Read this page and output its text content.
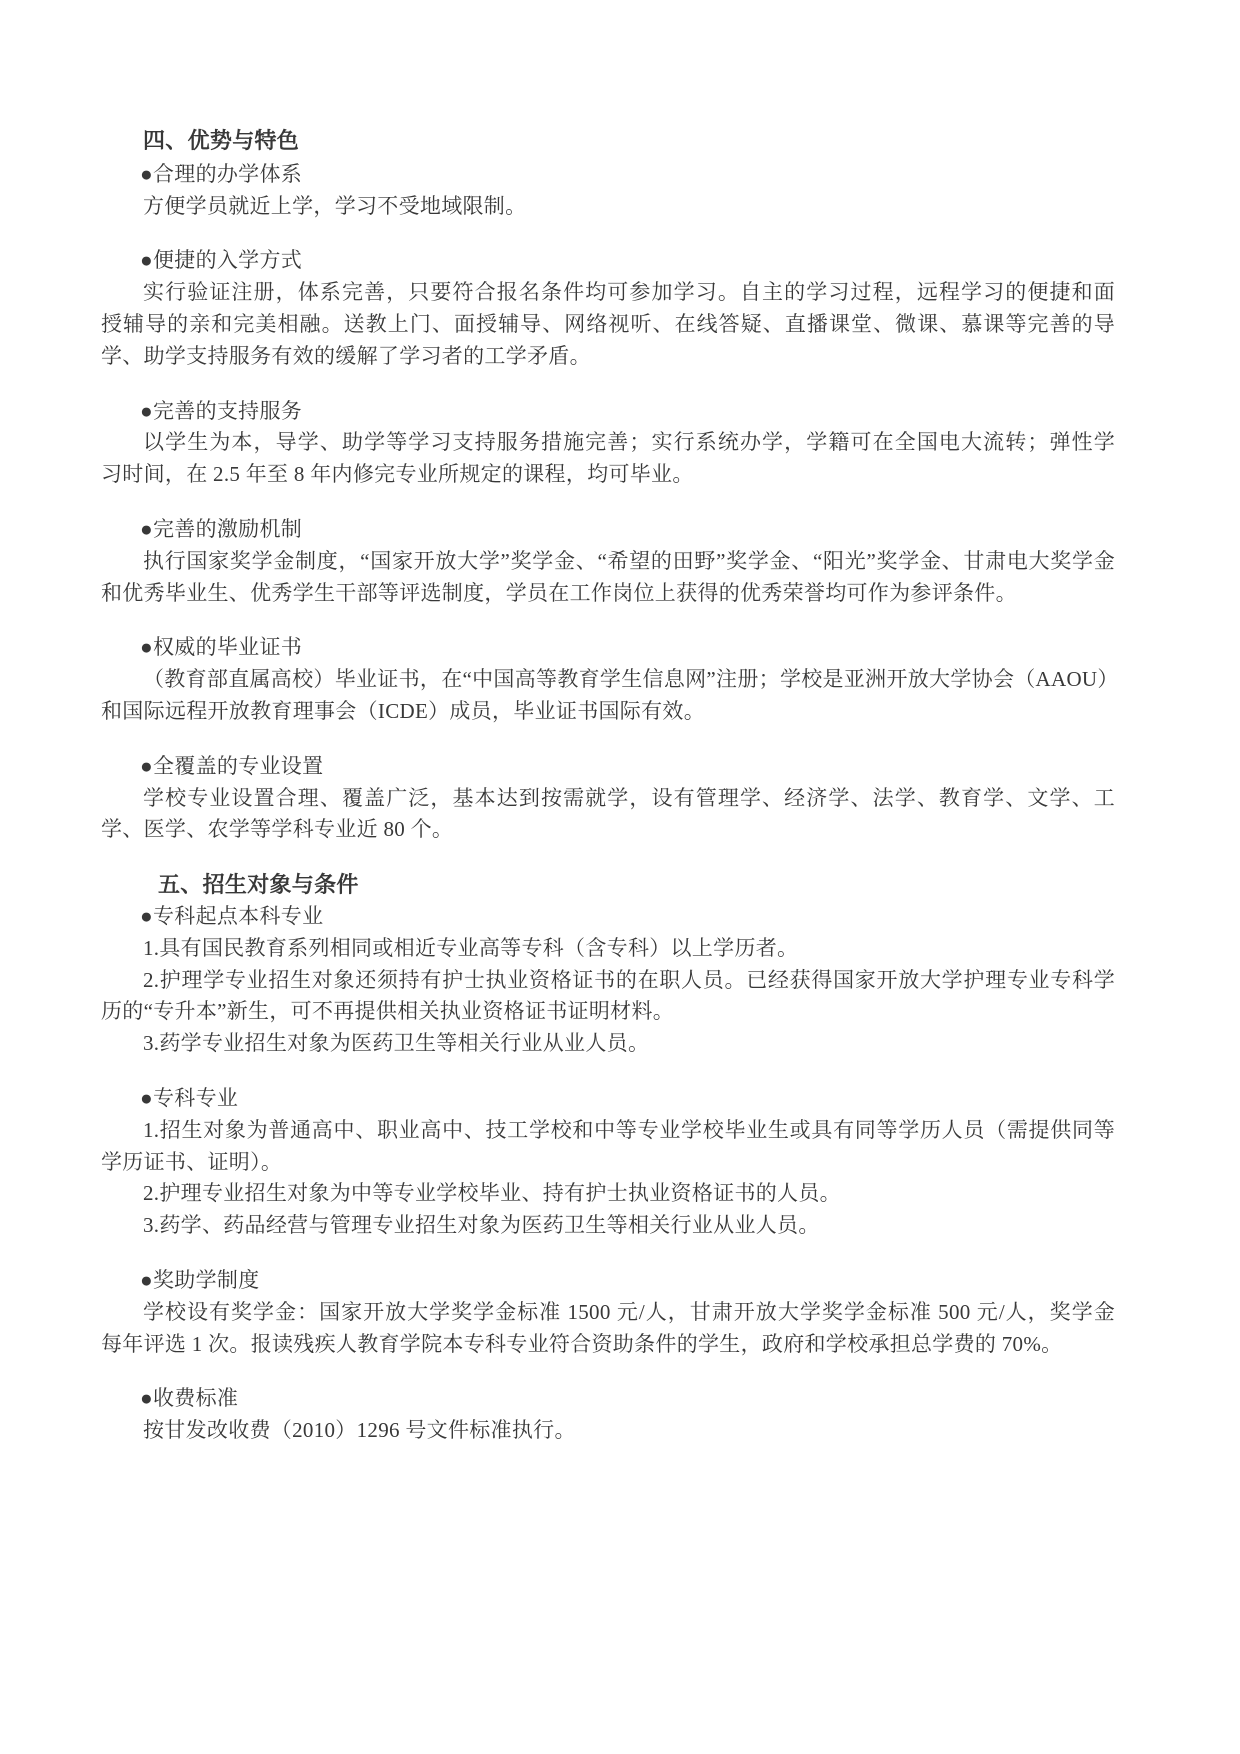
四、优势与特色
●合理的办学体系
方便学员就近上学，学习不受地域限制。
●便捷的入学方式
实行验证注册，体系完善，只要符合报名条件均可参加学习。自主的学习过程，远程学习的便捷和面
授辅导的亲和完美相融。送教上门、面授辅导、网络视听、在线答疑、直播课堂、微课、慕课等完善的导
学、助学支持服务有效的缓解了学习者的工学矛盾。
●完善的支持服务
以学生为本，导学、助学等学习支持服务措施完善；实行系统办学，学籍可在全国电大流转；弹性学
习时间，在 2.5 年至 8 年内修完专业所规定的课程，均可毕业。
●完善的激励机制
执行国家奖学金制度，“国家开放大学”奖学金、“希望的田野”奖学金、“阳光”奖学金、甘肃电大奖学金
和优秀毕业生、优秀学生干部等评选制度，学员在工作岗位上获得的优秀荣誉均可作为参评条件。
●权威的毕业证书
（教育部直属高校）毕业证书，在“中国高等教育学生信息网”注册；学校是亚洲开放大学协会（AAOU）
和国际远程开放教育理事会（ICDE）成员，毕业证书国际有效。
●全覆盖的专业设置
学校专业设置合理、覆盖广泛，基本达到按需就学，设有管理学、经济学、法学、教育学、文学、工
学、医学、农学等学科专业近 80 个。
五、招生对象与条件
●专科起点本科专业
1.具有国民教育系列相同或相近专业高等专科（含专科）以上学历者。
2.护理学专业招生对象还须持有护士执业资格证书的在职人员。已经获得国家开放大学护理专业专科学
历的“专升本”新生，可不再提供相关执业资格证书证明材料。
3.药学专业招生对象为医药卫生等相关行业从业人员。
●专科专业
1.招生对象为普通高中、职业高中、技工学校和中等专业学校毕业生或具有同等学历人员（需提供同等
学历证书、证明）。
2.护理专业招生对象为中等专业学校毕业、持有护士执业资格证书的人员。
3.药学、药品经营与管理专业招生对象为医药卫生等相关行业从业人员。
●奖助学制度
学校设有奖学金：国家开放大学奖学金标准 1500 元/人，甘肃开放大学奖学金标准 500 元/人，奖学金
每年评选 1 次。报读残疾人教育学院本专科专业符合资助条件的学生，政府和学校承担总学费的 70%。
●收费标准
按甘发改收费（2010）1296 号文件标准执行。
